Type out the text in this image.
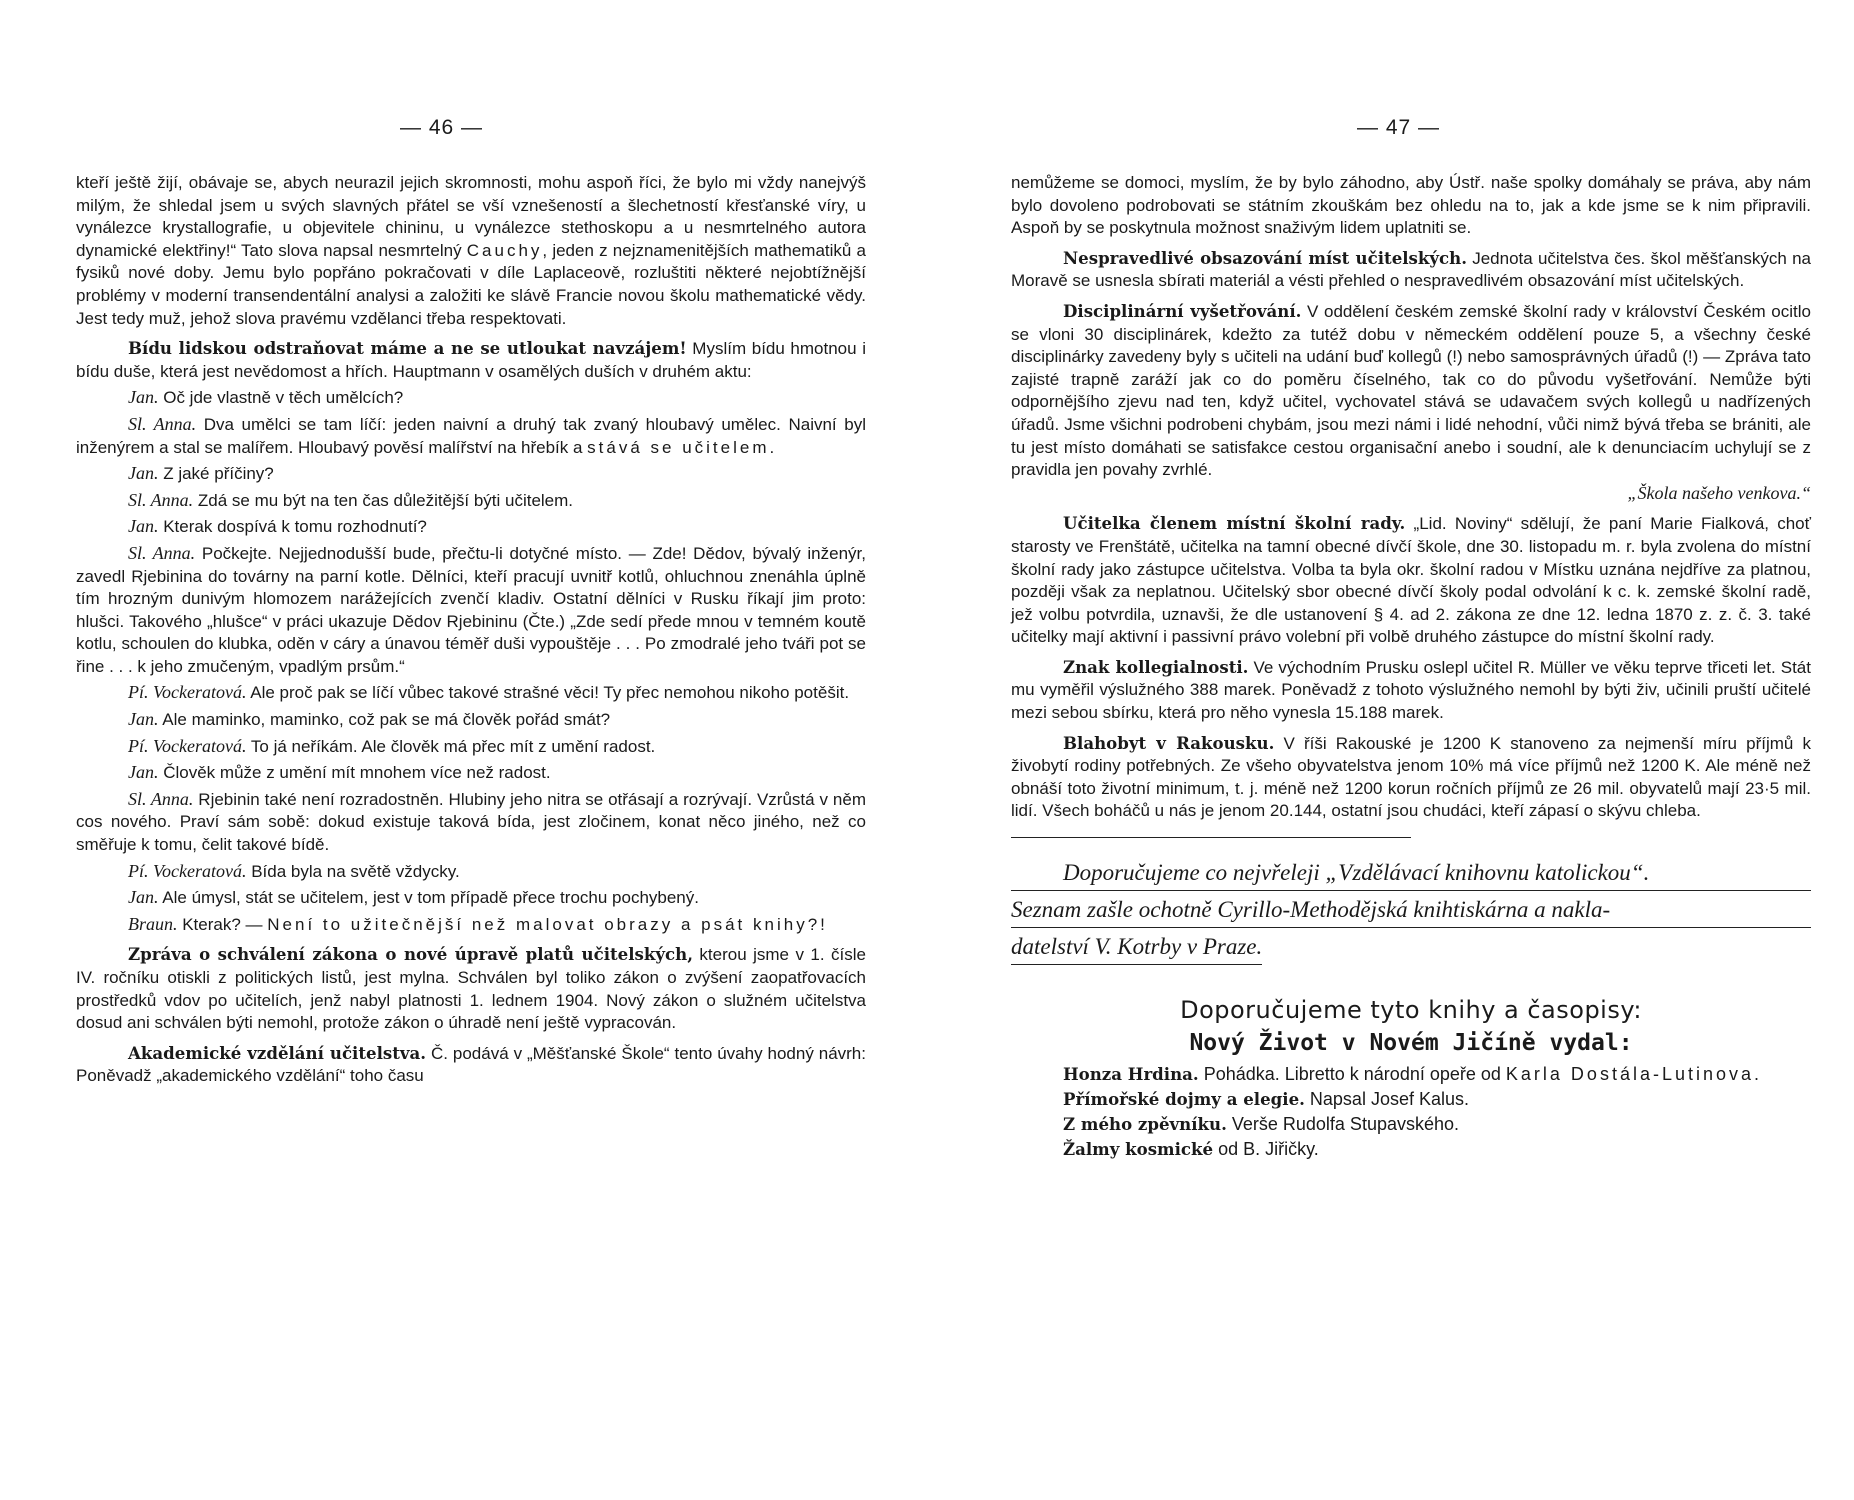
— 46 —

kteří ještě žijí, obávaje se, abych neurazil jejich skromnosti, mohu aspoň říci, že bylo mi vždy nanejvýš milým, že shledal jsem u svých slavných přátel se vší vznešeností a šlechetností křesťanské víry, u vynálezce krystallografie, u objevitele chininu, u vynálezce stethoskopu a u nesmrtelného autora dynamické elektřiny!“ Tato slova napsal nesmrtelný Cauchy, jeden z nejznamenitějších mathematiků a fysiků nové doby. Jemu bylo popřáno pokračovati v díle Laplaceově, rozluštiti některé nejobtížnější problémy v moderní transendentální analysi a založiti ke slávě Francie novou školu mathematické vědy. Jest tedy muž, jehož slova pravému vzdělanci třeba respektovati.

Bídu lidskou odstraňovat máme a ne se utloukat navzájem! Myslím bídu hmotnou i bídu duše, která jest nevědomost a hřích. Hauptmann v osamělých duších v druhém aktu:

Jan. Oč jde vlastně v těch umělcích?

Sl. Anna. Dva umělci se tam líčí: jeden naivní a druhý tak zvaný hloubavý umělec. Naivní byl inženýrem a stal se malířem. Hloubavý pověsí malířství na hřebík a stává se učitelem.

Jan. Z jaké příčiny?

Sl. Anna. Zdá se mu být na ten čas důležitější býti učitelem.

Jan. Kterak dospívá k tomu rozhodnutí?

Sl. Anna. Počkejte. Nejjednodušší bude, přečtu-li dotyčné místo. — Zde! Dědov, bývalý inženýr, zavedl Rjebinina do továrny na parní kotle. Dělníci, kteří pracují uvnitř kotlů, ohluchnou znenáhla úplně tím hrozným dunivým hlomozem narážejících zvenčí kladiv. Ostatní dělníci v Rusku říkají jim proto: hlušci. Takového „hlušce“ v práci ukazuje Dědov Rjebininu (Čte.) „Zde sedí přede mnou v temném koutě kotlu, schoulen do klubka, oděn v cáry a únavou téměř duši vypouštěje . . . Po zmodralé jeho tváři pot se řine . . . k jeho zmučeným, vpadlým prsům.“

Pí. Vockeratová. Ale proč pak se líčí vůbec takové strašné věci! Ty přec nemohou nikoho potěšit.

Jan. Ale maminko, maminko, což pak se má člověk pořád smát?

Pí. Vockeratová. To já neříkám. Ale člověk má přec mít z umění radost.

Jan. Člověk může z umění mít mnohem více než radost.

Sl. Anna. Rjebinin také není rozradostněn. Hlubiny jeho nitra se otřásají a rozrývají. Vzrůstá v něm cos nového. Praví sám sobě: dokud existuje taková bída, jest zločinem, konat něco jiného, než co směřuje k tomu, čelit takové bídě.

Pí. Vockeratová. Bída byla na světě vždycky.

Jan. Ale úmysl, stát se učitelem, jest v tom případě přece trochu pochybený.

Braun. Kterak? — Není to užitečnější než malovat obrazy a psát knihy?!

Zpráva o schválení zákona o nové úpravě platů učitelských, kterou jsme v 1. čísle IV. ročníku otiskli z politických listů, jest mylna. Schválen byl toliko zákon o zvýšení zaopatřovacích prostředků vdov po učitelích, jenž nabyl platnosti 1. lednem 1904. Nový zákon o služném učitelstva dosud ani schválen býti nemohl, protože zákon o úhradě není ještě vypracován.

Akademické vzdělání učitelstva. Č. podává v „Měšťanské Škole“ tento úvahy hodný návrh: Poněvadž „akademického vzdělání“ toho času

— 47 —

nemůžeme se domoci, myslím, že by bylo záhodno, aby Ústř. naše spolky domáhaly se práva, aby nám bylo dovoleno podrobovati se státním zkouškám bez ohledu na to, jak a kde jsme se k nim připravili. Aspoň by se poskytnula možnost snaživým lidem uplatniti se.

Nespravedlivé obsazování míst učitelských. Jednota učitelstva čes. škol měšťanských na Moravě se usnesla sbírati materiál a vésti přehled o nespravedlivém obsazování míst učitelských.

Disciplinární vyšetřování. V oddělení českém zemské školní rady v království Českém ocitlo se vloni 30 disciplinárek, kdežto za tutéž dobu v německém oddělení pouze 5, a všechny české disciplinárky zavedeny byly s učiteli na udání buď kollegů (!) nebo samosprávných úřadů (!) — Zpráva tato zajisté trapně zaráží jak co do poměru číselného, tak co do původu vyšetřování. Nemůže býti odpornějšího zjevu nad ten, když učitel, vychovatel stává se udavačem svých kollegů u nadřízených úřadů. Jsme všichni podrobeni chybám, jsou mezi námi i lidé nehodní, vůči nimž bývá třeba se brániti, ale tu jest místo domáhati se satisfakce cestou organisační anebo i soudní, ale k denunciacím uchylují se z pravidla jen povahy zvrhlé.

„Škola našeho venkova.“

Učitelka členem místní školní rady. „Lid. Noviny“ sdělují, že paní Marie Fialková, choť starosty ve Frenštátě, učitelka na tamní obecné dívčí škole, dne 30. listopadu m. r. byla zvolena do místní školní rady jako zástupce učitelstva. Volba ta byla okr. školní radou v Místku uznána nejdříve za platnou, později však za neplatnou. Učitelský sbor obecné dívčí školy podal odvolání k c. k. zemské školní radě, jež volbu potvrdila, uznavši, že dle ustanovení § 4. ad 2. zákona ze dne 12. ledna 1870 z. z. č. 3. také učitelky mají aktivní i passivní právo volební při volbě druhého zástupce do místní školní rady.

Znak kollegialnosti. Ve východním Prusku oslepl učitel R. Müller ve věku teprve třiceti let. Stát mu vyměřil výslužného 388 marek. Poněvadž z tohoto výslužného nemohl by býti živ, učinili pruští učitelé mezi sebou sbírku, která pro něho vynesla 15.188 marek.

Blahobyt v Rakousku. V říši Rakouské je 1200 K stanoveno za nejmenší míru příjmů k živobytí rodiny potřebných. Ze všeho obyvatelstva jenom 10% má více příjmů než 1200 K. Ale méně než obnáší toto životní minimum, t. j. méně než 1200 korun ročních příjmů ze 26 mil. obyvatelů mají 23·5 mil. lidí. Všech boháčů u nás je jenom 20.144, ostatní jsou chudáci, kteří zápasí o skývu chleba.

Doporučujeme co nejvřeleji „Vzdělávací knihovnu katolickou“.
Seznam zašle ochotně Cyrillo-Methodějská knihtiskárna a nakla-
datelství V. Kotrby v Praze.
Doporučujeme tyto knihy a časopisy:
Nový Život v Novém Jičíně vydal:

Honza Hrdina. Pohádka. Libretto k národní opeře od Karla Dostála-Lutinova.

Přímořské dojmy a elegie. Napsal Josef Kalus.

Z mého zpěvníku. Verše Rudolfa Stupavského.

Žalmy kosmické od B. Jiřičky.
